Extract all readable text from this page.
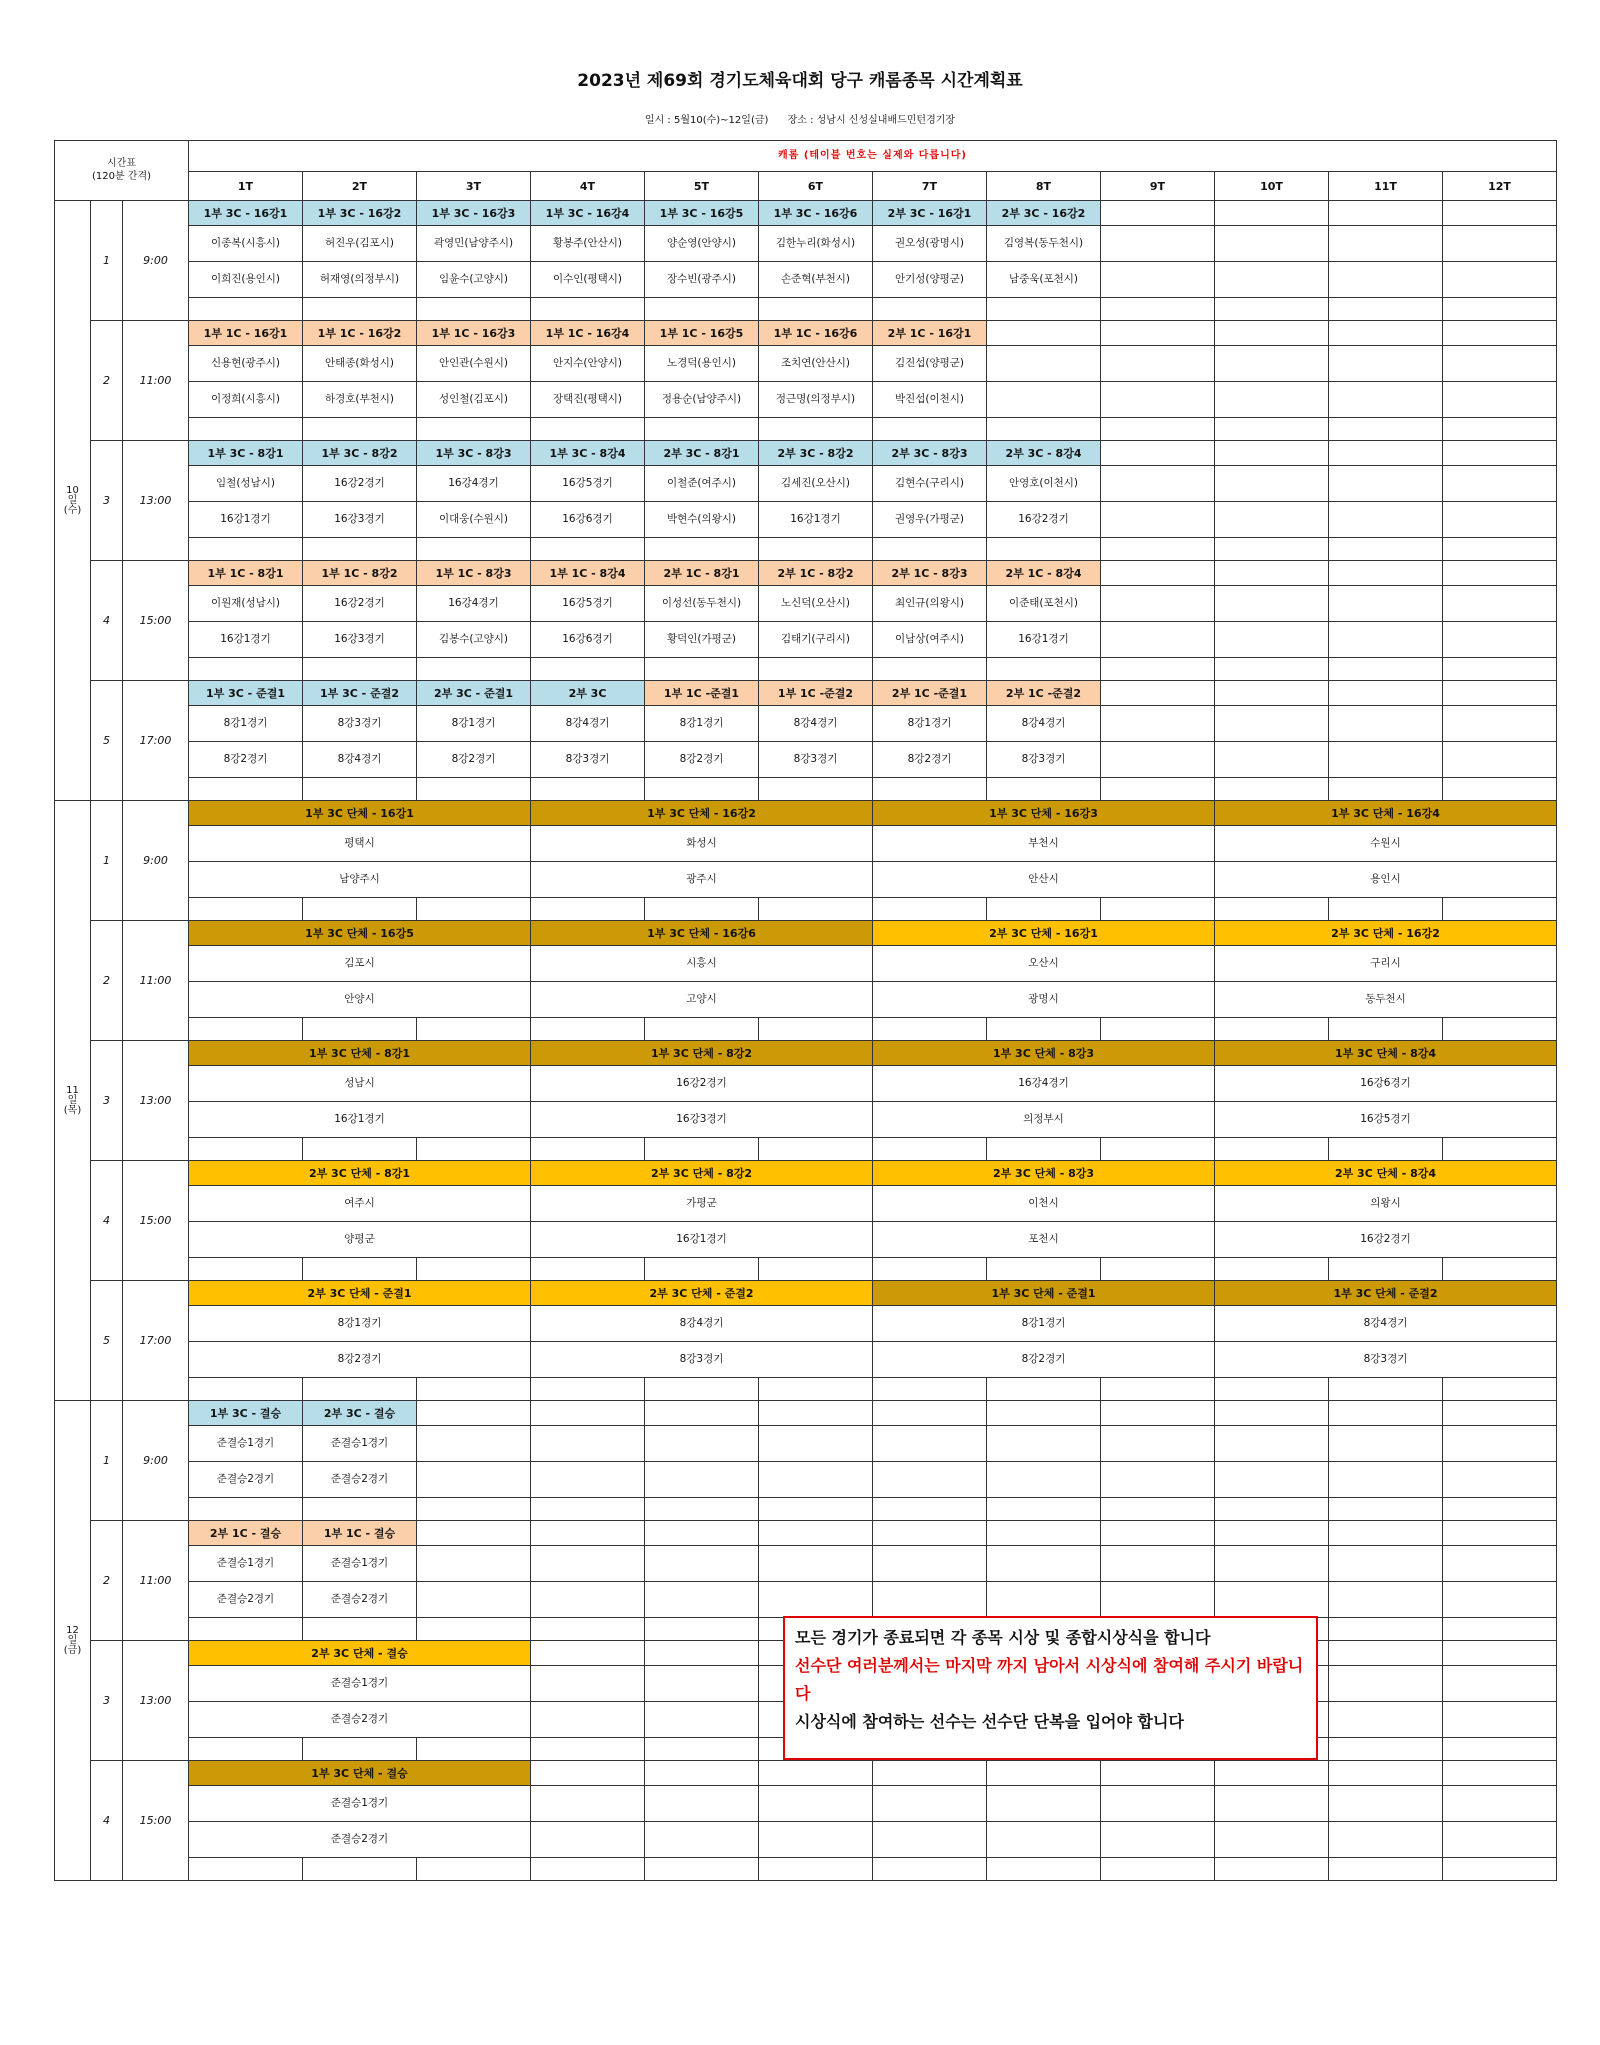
2023년 제69회 경기도체육대회 당구 캐롬종목 시간계획표
일시 : 5월10(수)~12일(금) 장소 : 성남시 신성실내배드민턴경기장
시간표
(120분 간격)			캐롬 (테이블 번호는 실제와 다릅니다)											
			1T	2T	3T	4T	5T	6T	7T	8T	9T	10T	11T	12T
10
일
(수)	1	9:00	1부 3C - 16강1	1부 3C - 16강2	1부 3C - 16강3	1부 3C - 16강4	1부 3C - 16강5	1부 3C - 16강6	2부 3C - 16강1	2부 3C - 16강2				
			이종복(시흥시)	허진우(김포시)	곽영민(남양주시)	황봉주(안산시)	양순영(안양시)	김한누리(화성시)	권오성(광명시)	김영복(동두천시)				
			이희진(용인시)	허재영(의정부시)	임윤수(고양시)	이수인(평택시)	장수빈(광주시)	손준혁(부천시)	안기성(양평군)	남중욱(포천시)				

	2	11:00	1부 1C - 16강1	1부 1C - 16강2	1부 1C - 16강3	1부 1C - 16강4	1부 1C - 16강5	1부 1C - 16강6	2부 1C - 16강1					
			신용현(광주시)	안태종(화성시)	안인관(수원시)	안지수(안양시)	노경덕(용인시)	조치연(안산시)	김진섭(양평군)					
			이정희(시흥시)	하경호(부천시)	성인철(김포시)	장택진(평택시)	정용순(남양주시)	정근명(의정부시)	박진섭(이천시)					

	3	13:00	1부 3C - 8강1	1부 3C - 8강2	1부 3C - 8강3	1부 3C - 8강4	2부 3C - 8강1	2부 3C - 8강2	2부 3C - 8강3	2부 3C - 8강4				
			임철(성남시)	16강2경기	16강4경기	16강5경기	이철준(여주시)	김세진(오산시)	김현수(구리시)	안영호(이천시)				
			16강1경기	16강3경기	이대웅(수원시)	16강6경기	박현수(의왕시)	16강1경기	권영우(가평군)	16강2경기				

	4	15:00	1부 1C - 8강1	1부 1C - 8강2	1부 1C - 8강3	1부 1C - 8강4	2부 1C - 8강1	2부 1C - 8강2	2부 1C - 8강3	2부 1C - 8강4				
			이원재(성남시)	16강2경기	16강4경기	16강5경기	이성선(동두천시)	노신덕(오산시)	최인규(의왕시)	이준태(포천시)				
			16강1경기	16강3경기	김봉수(고양시)	16강6경기	황덕인(가평군)	김태기(구리시)	이남상(여주시)	16강1경기				

	5	17:00	1부 3C - 준결1	1부 3C - 준결2	2부 3C - 준결1	2부 3C	1부 1C -준결1	1부 1C -준결2	2부 1C -준결1	2부 1C -준결2				
			8강1경기	8강3경기	8강1경기	8강4경기	8강1경기	8강4경기	8강1경기	8강4경기				
			8강2경기	8강4경기	8강2경기	8강3경기	8강2경기	8강3경기	8강2경기	8강3경기				

11
일
(목)	1	9:00	1부 3C 단체 - 16강1			1부 3C 단체 - 16강2			1부 3C 단체 - 16강3			1부 3C 단체 - 16강4		
			평택시			화성시			부천시			수원시		
			남양주시			광주시			안산시			용인시		

	2	11:00	1부 3C 단체 - 16강5			1부 3C 단체 - 16강6			2부 3C 단체 - 16강1			2부 3C 단체 - 16강2		
			김포시			시흥시			오산시			구리시		
			안양시			고양시			광명시			동두천시		

	3	13:00	1부 3C 단체 - 8강1			1부 3C 단체 - 8강2			1부 3C 단체 - 8강3			1부 3C 단체 - 8강4		
			성남시			16강2경기			16강4경기			16강6경기		
			16강1경기			16강3경기			의정부시			16강5경기		

	4	15:00	2부 3C 단체 - 8강1			2부 3C 단체 - 8강2			2부 3C 단체 - 8강3			2부 3C 단체 - 8강4		
			여주시			가평군			이천시			의왕시		
			양평군			16강1경기			포천시			16강2경기		

	5	17:00	2부 3C 단체 - 준결1			2부 3C 단체 - 준결2			1부 3C 단체 - 준결1			1부 3C 단체 - 준결2		
			8강1경기			8강4경기			8강1경기			8강4경기		
			8강2경기			8강3경기			8강2경기			8강3경기		

12
일
(금)	1	9:00	1부 3C - 결승	2부 3C - 결승										
			준결승1경기	준결승1경기										
			준결승2경기	준결승2경기										

	2	11:00	2부 1C - 결승	1부 1C - 결승										
			준결승1경기	준결승1경기										
			준결승2경기	준결승2경기										

	3	13:00	2부 3C 단체 - 결승											
			준결승1경기											
			준결승2경기											

	4	15:00	1부 3C 단체 - 결승											
			준결승1경기											
			준결승2경기											

모든 경기가 종료되면 각 종목 시상 및 종합시상식을 합니다
선수단 여러분께서는 마지막 까지 남아서 시상식에 참여해 주시기 바랍니다
시상식에 참여하는 선수는 선수단 단복을 입어야 합니다
